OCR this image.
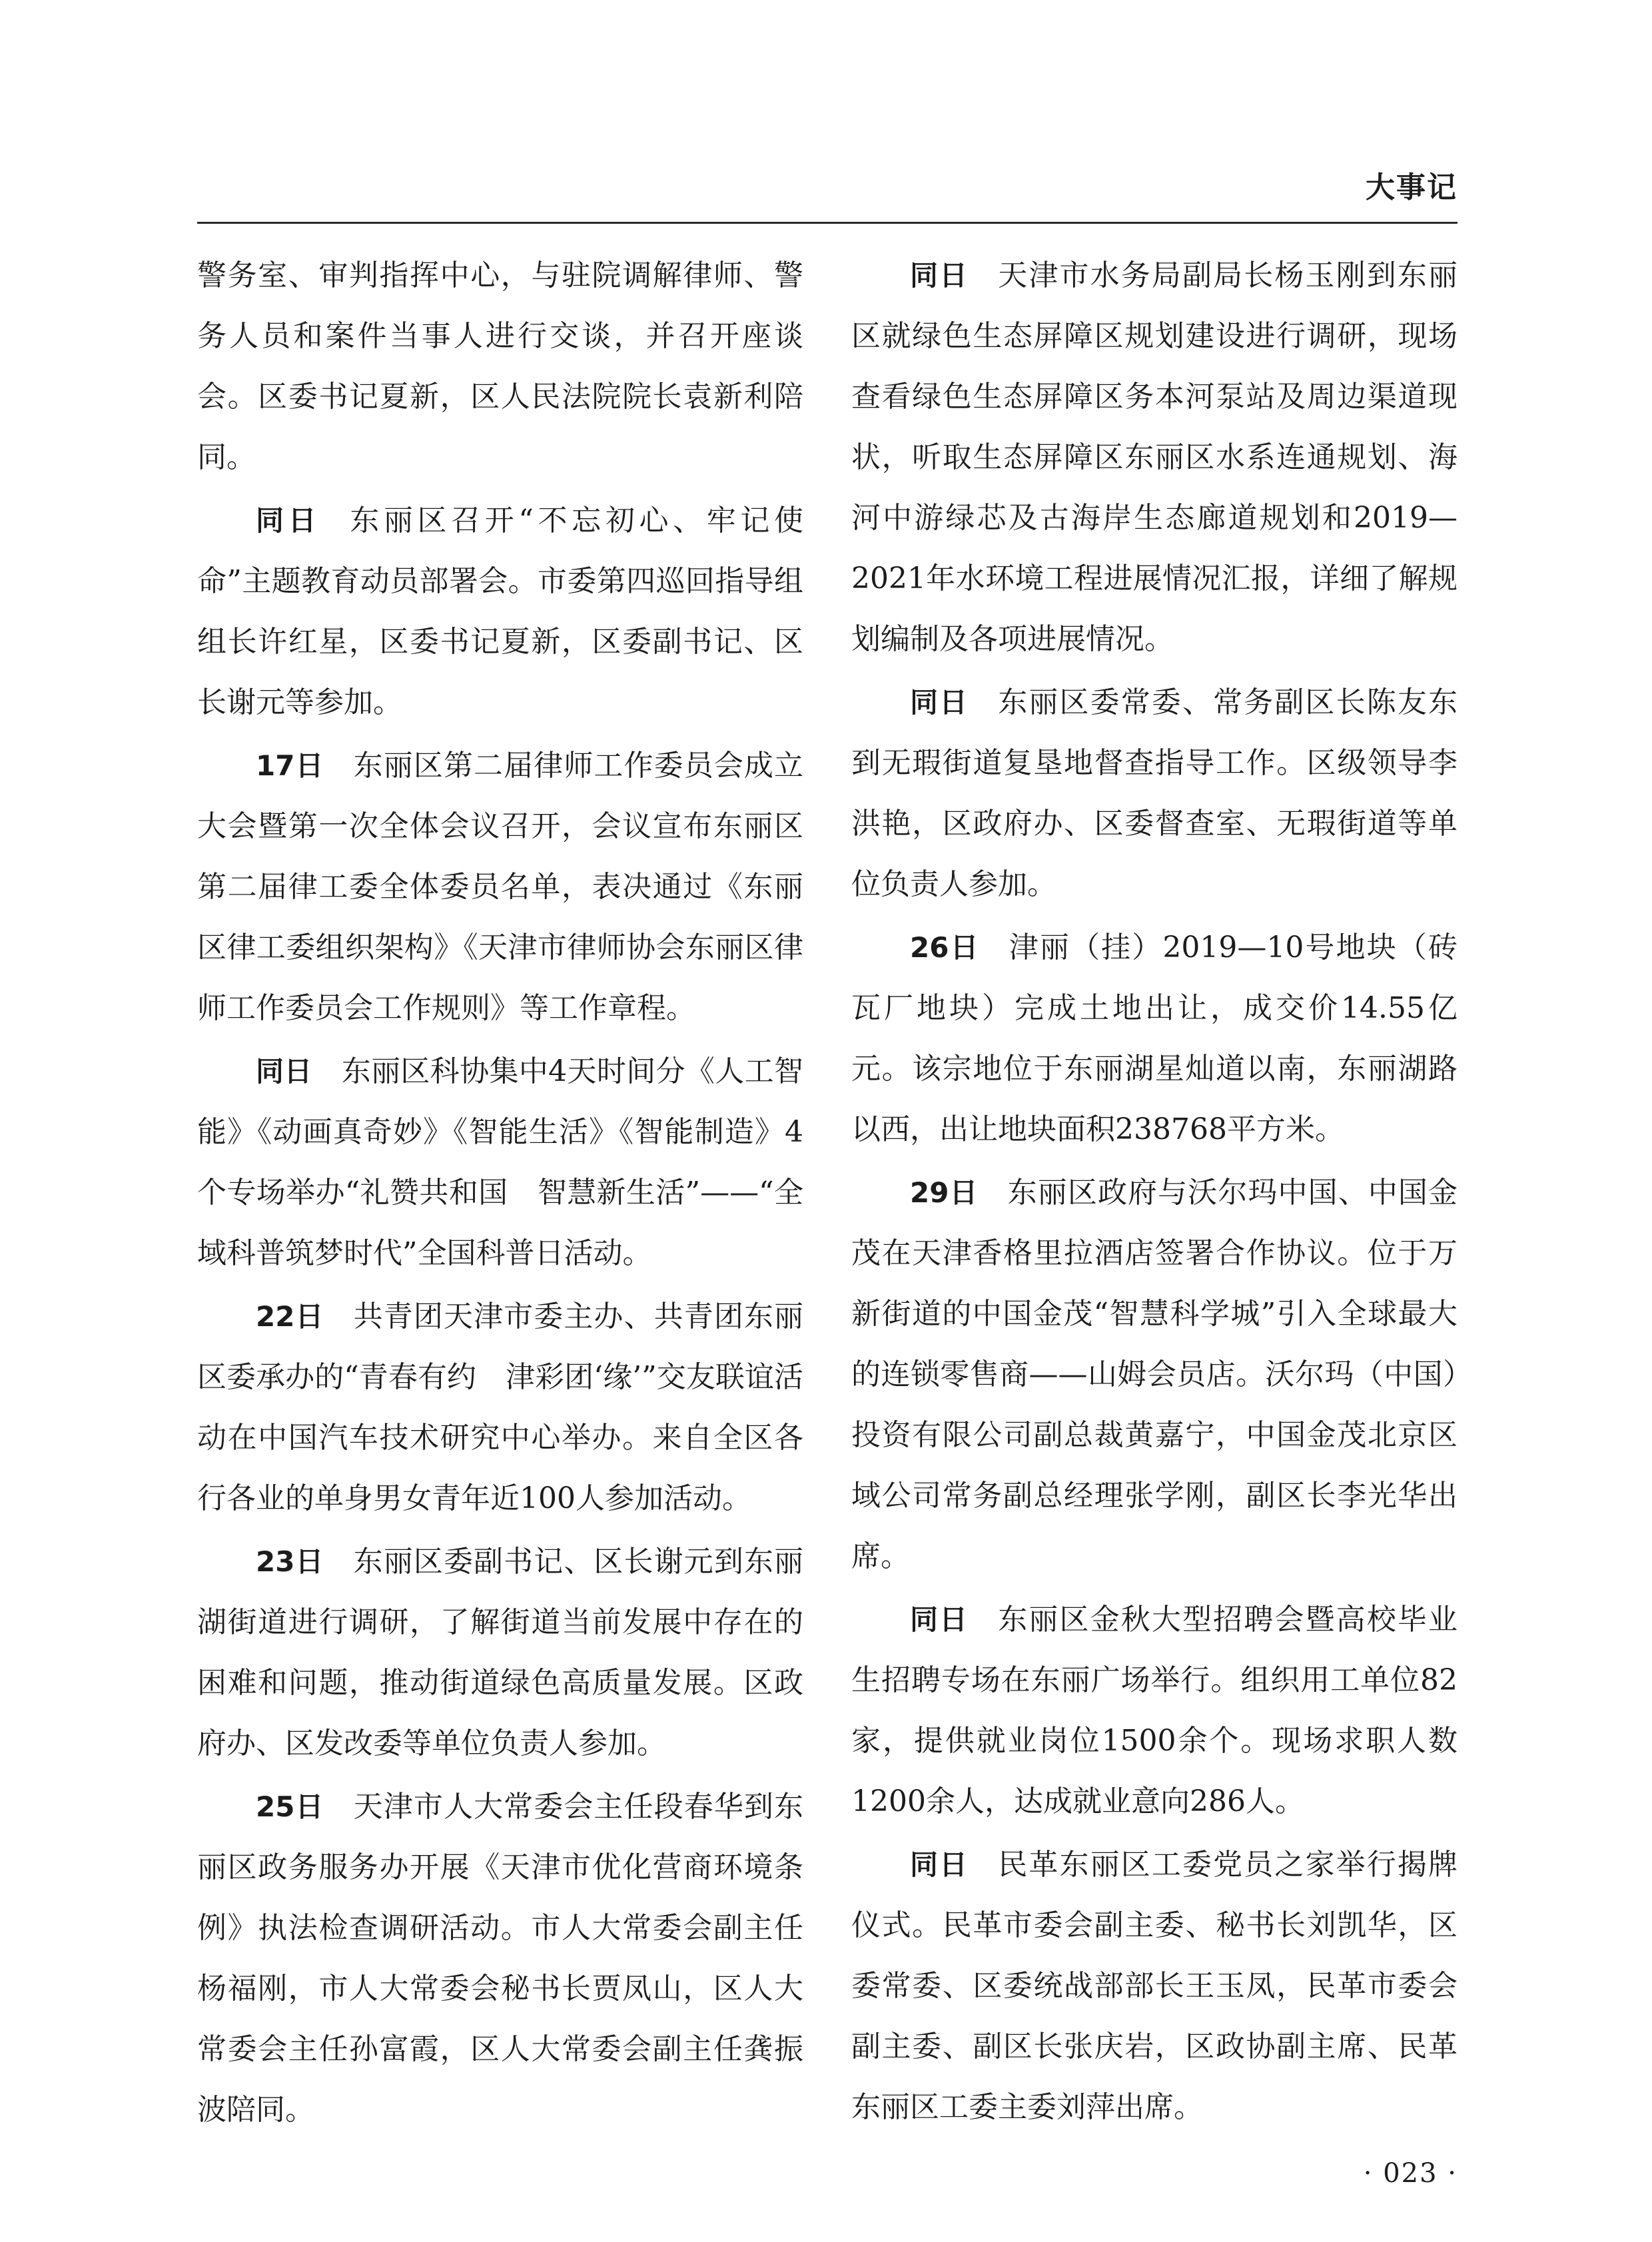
大事记

警务室、审判指挥中心，与驻院调解律师、警务人员和案件当事人进行交谈，并召开座谈会。区委书记夏新，区人民法院院长袁新利陪同。

同日 东丽区召开“不忘初心、牢记使命”主题教育动员部署会。市委第四巡回指导组组长许红星，区委书记夏新，区委副书记、区长谢元等参加。

17日 东丽区第二届律师工作委员会成立大会暨第一次全体会议召开，会议宣布东丽区第二届律工委全体委员名单，表决通过《东丽区律工委组织架构》《天津市律师协会东丽区律师工作委员会工作规则》等工作章程。

同日 东丽区科协集中4天时间分《人工智能》《动画真奇妙》《智能生活》《智能制造》4个专场举办“礼赞共和国　智慧新生活”——“全域科普筑梦时代”全国科普日活动。

22日 共青团天津市委主办、共青团东丽区委承办的“青春有约　津彩团‘缘’”交友联谊活动在中国汽车技术研究中心举办。来自全区各行各业的单身男女青年近100人参加活动。

23日 东丽区委副书记、区长谢元到东丽湖街道进行调研，了解街道当前发展中存在的困难和问题，推动街道绿色高质量发展。区政府办、区发改委等单位负责人参加。

25日 天津市人大常委会主任段春华到东丽区政务服务办开展《天津市优化营商环境条例》执法检查调研活动。市人大常委会副主任杨福刚，市人大常委会秘书长贾凤山，区人大常委会主任孙富霞，区人大常委会副主任龚振波陪同。

同日 天津市水务局副局长杨玉刚到东丽区就绿色生态屏障区规划建设进行调研，现场查看绿色生态屏障区务本河泵站及周边渠道现状，听取生态屏障区东丽区水系连通规划、海河中游绿芯及古海岸生态廊道规划和2019—2021年水环境工程进展情况汇报，详细了解规划编制及各项进展情况。

同日 东丽区委常委、常务副区长陈友东到无瑕街道复垦地督查指导工作。区级领导李洪艳，区政府办、区委督查室、无瑕街道等单位负责人参加。

26日 津丽（挂）2019—10号地块（砖瓦厂地块）完成土地出让，成交价14.55亿元。该宗地位于东丽湖星灿道以南，东丽湖路以西，出让地块面积238768平方米。

29日 东丽区政府与沃尔玛中国、中国金茂在天津香格里拉酒店签署合作协议。位于万新街道的中国金茂“智慧科学城”引入全球最大的连锁零售商——山姆会员店。沃尔玛（中国）投资有限公司副总裁黄嘉宁，中国金茂北京区域公司常务副总经理张学刚，副区长李光华出席。

同日 东丽区金秋大型招聘会暨高校毕业生招聘专场在东丽广场举行。组织用工单位82家，提供就业岗位1500余个。现场求职人数1200余人，达成就业意向286人。

同日 民革东丽区工委党员之家举行揭牌仪式。民革市委会副主委、秘书长刘凯华，区委常委、区委统战部部长王玉凤，民革市委会副主委、副区长张庆岩，区政协副主席、民革东丽区工委主委刘萍出席。

· 023 ·
